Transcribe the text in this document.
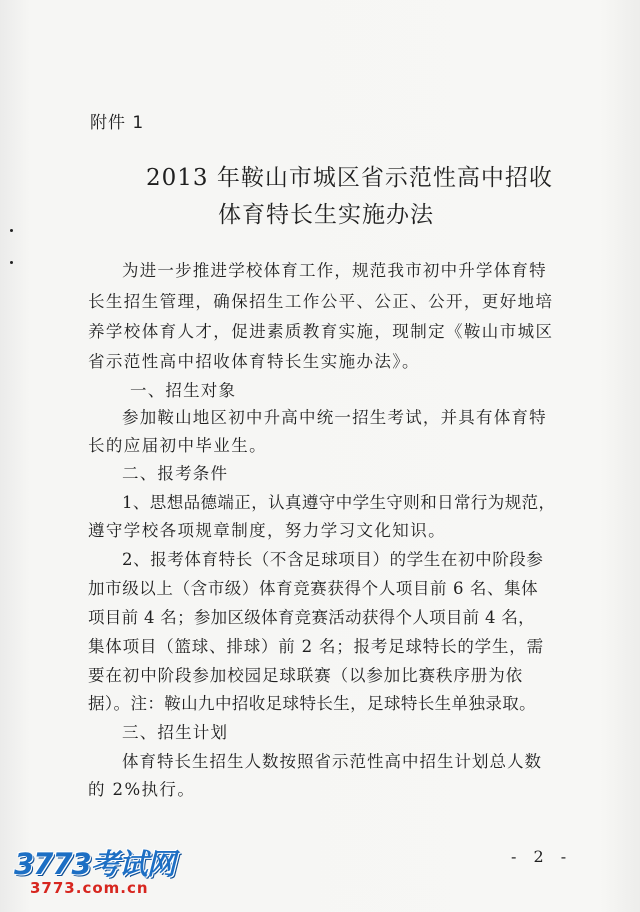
附件 1
2013 年鞍山市城区省示范性高中招收
体育特长生实施办法
为进一步推进学校体育工作，规范我市初中升学体育特
长生招生管理，确保招生工作公平、公正、公开，更好地培
养学校体育人才，促进素质教育实施，现制定《鞍山市城区
省示范性高中招收体育特长生实施办法》。
一、招生对象
参加鞍山地区初中升高中统一招生考试，并具有体育特
长的应届初中毕业生。
二、报考条件
1、思想品德端正，认真遵守中学生守则和日常行为规范，
遵守学校各项规章制度，努力学习文化知识。
2、报考体育特长（不含足球项目）的学生在初中阶段参
加市级以上（含市级）体育竞赛获得个人项目前 6 名、集体
项目前 4 名；参加区级体育竞赛活动获得个人项目前 4 名，
集体项目（篮球、排球）前 2 名；报考足球特长的学生，需
要在初中阶段参加校园足球联赛（以参加比赛秩序册为依
据）。注：鞍山九中招收足球特长生，足球特长生单独录取。
三、招生计划
体育特长生招生人数按照省示范性高中招生计划总人数
的 2%执行。
- 2 -
3773考试网
3773.com.cn
